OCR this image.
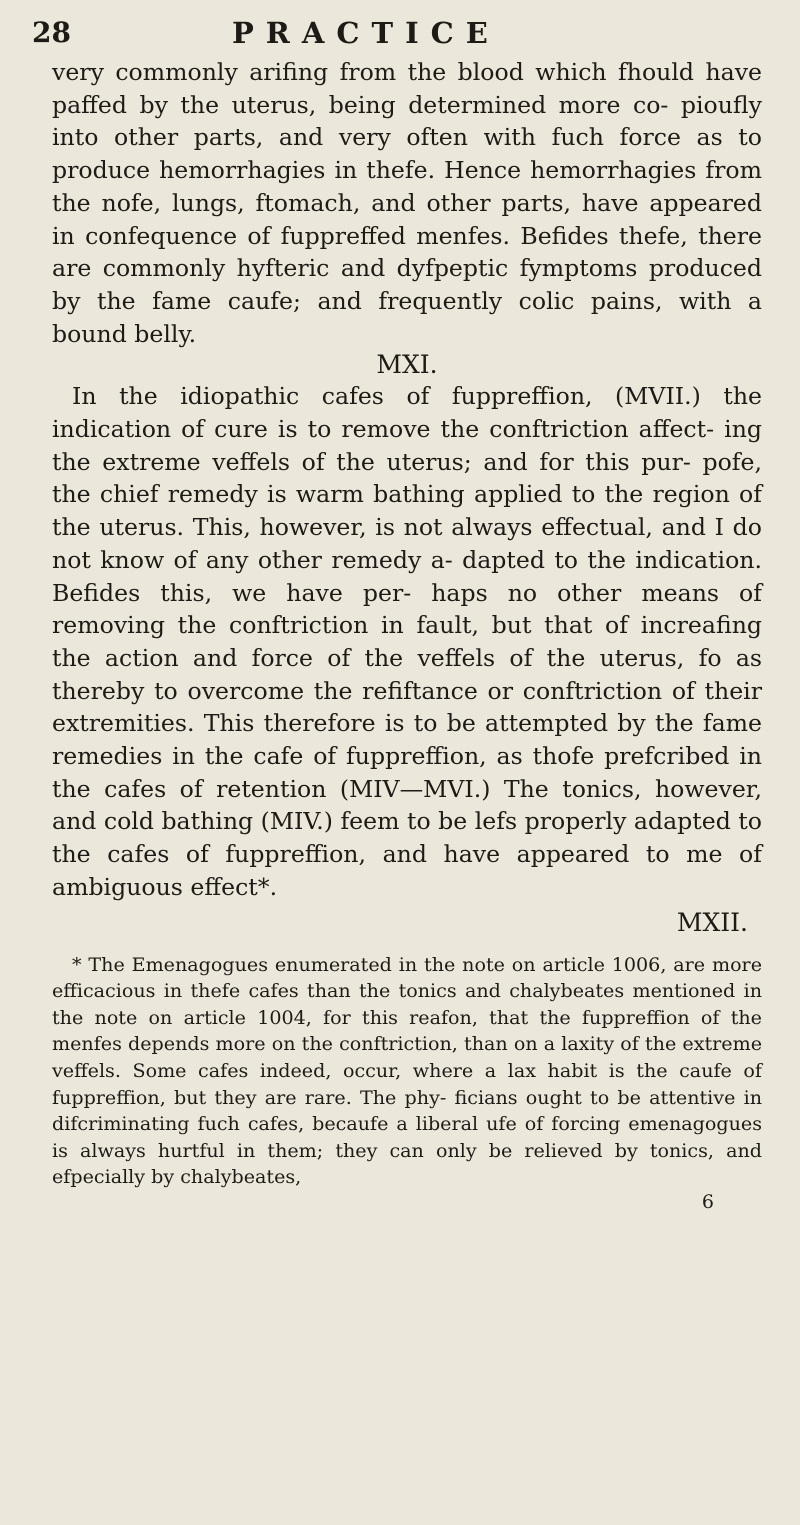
28	PRACTICE

very commonly arifing from the blood which fhould have paffed by the uterus, being determined more co- pioufly into other parts, and very often with fuch force as to produce hemorrhagies in thefe. Hence hemorrhagies from the nofe, lungs, ftomach, and other parts, have appeared in confequence of fuppreffed menfes. Befides thefe, there are commonly hyfteric and dyfpeptic fymptoms produced by the fame caufe; and frequently colic pains, with a bound belly.

MXI.

In the idiopathic cafes of fuppreffion, (MVII.) the indication of cure is to remove the conftriction affect- ing the extreme veffels of the uterus; and for this pur- pofe, the chief remedy is warm bathing applied to the region of the uterus. This, however, is not always effectual, and I do not know of any other remedy a- dapted to the indication. Befides this, we have per- haps no other means of removing the conftriction in fault, but that of increafing the action and force of the veffels of the uterus, fo as thereby to overcome the refiftance or conftriction of their extremities. This therefore is to be attempted by the fame remedies in the cafe of fuppreffion, as thofe prefcribed in the cafes of retention (MIV—MVI.) The tonics, however, and cold bathing (MIV.) feem to be lefs properly adapted to the cafes of fuppreffion, and have appeared to me of ambiguous effect*.

MXII.

* The Emenagogues enumerated in the note on article 1006, are more efficacious in thefe cafes than the tonics and chalybeates mentioned in the note on article 1004, for this reafon, that the fuppreffion of the menfes depends more on the conftriction, than on a laxity of the extreme veffels. Some cafes indeed, occur, where a lax habit is the caufe of fuppreffion, but they are rare. The phy- ficians ought to be attentive in difcriminating fuch cafes, becaufe a liberal ufe of forcing emenagogues is always hurtful in them; they can only be relieved by tonics, and efpecially by chalybeates,

6
